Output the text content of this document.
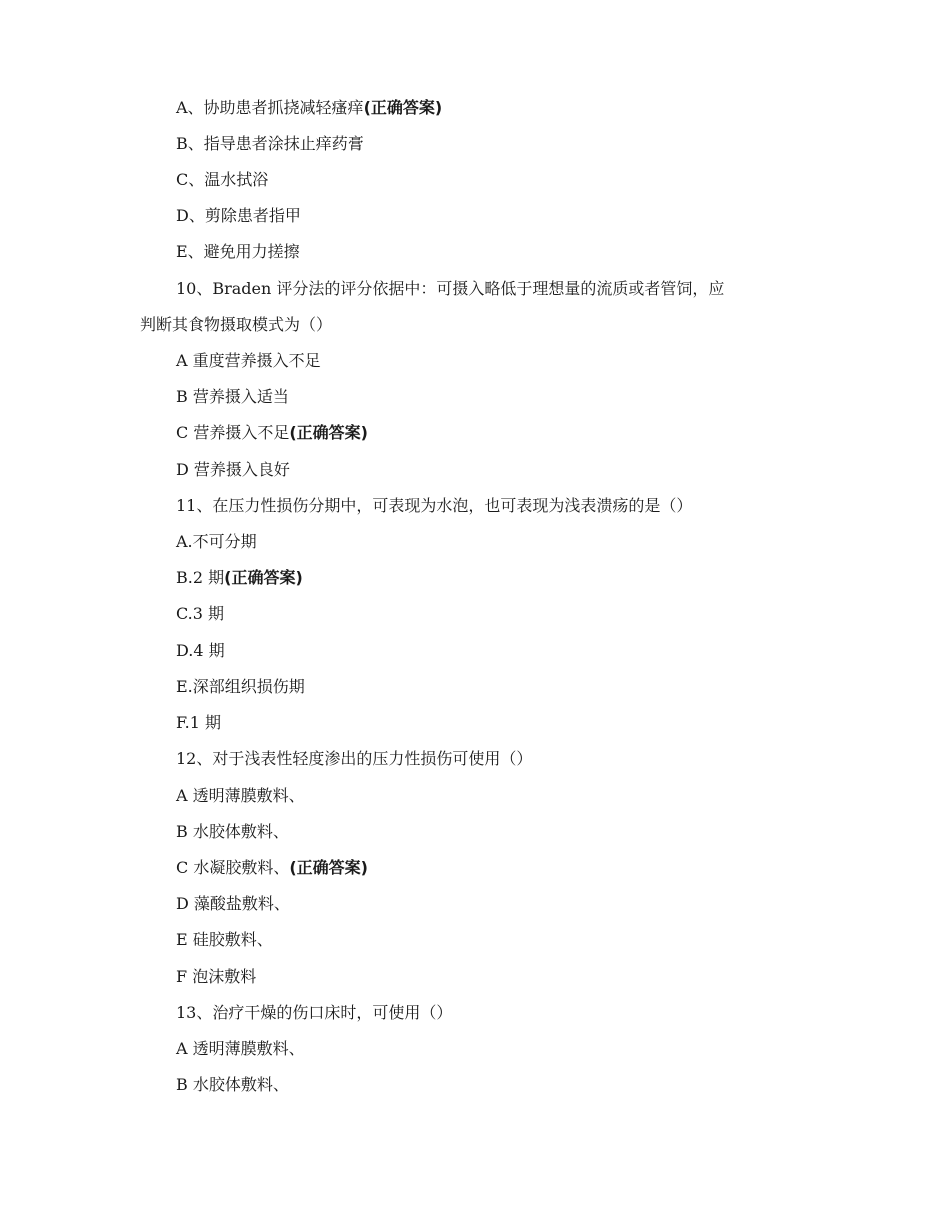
A、协助患者抓挠减轻瘙痒(正确答案)
B、指导患者涂抹止痒药膏
C、温水拭浴
D、剪除患者指甲
E、避免用力搓擦
10、Braden 评分法的评分依据中：可摄入略低于理想量的流质或者管饲，应
判断其食物摄取模式为（）
A 重度营养摄入不足
B 营养摄入适当
C 营养摄入不足(正确答案)
D 营养摄入良好
11、在压力性损伤分期中，可表现为水泡，也可表现为浅表溃疡的是（）
A.不可分期
B.2 期(正确答案)
C.3 期
D.4 期
E.深部组织损伤期
F.1 期
12、对于浅表性轻度渗出的压力性损伤可使用（）
A 透明薄膜敷料、
B 水胶体敷料、
C 水凝胶敷料、(正确答案)
D 藻酸盐敷料、
E 硅胶敷料、
F 泡沫敷料
13、治疗干燥的伤口床时，可使用（）
A 透明薄膜敷料、
B 水胶体敷料、
